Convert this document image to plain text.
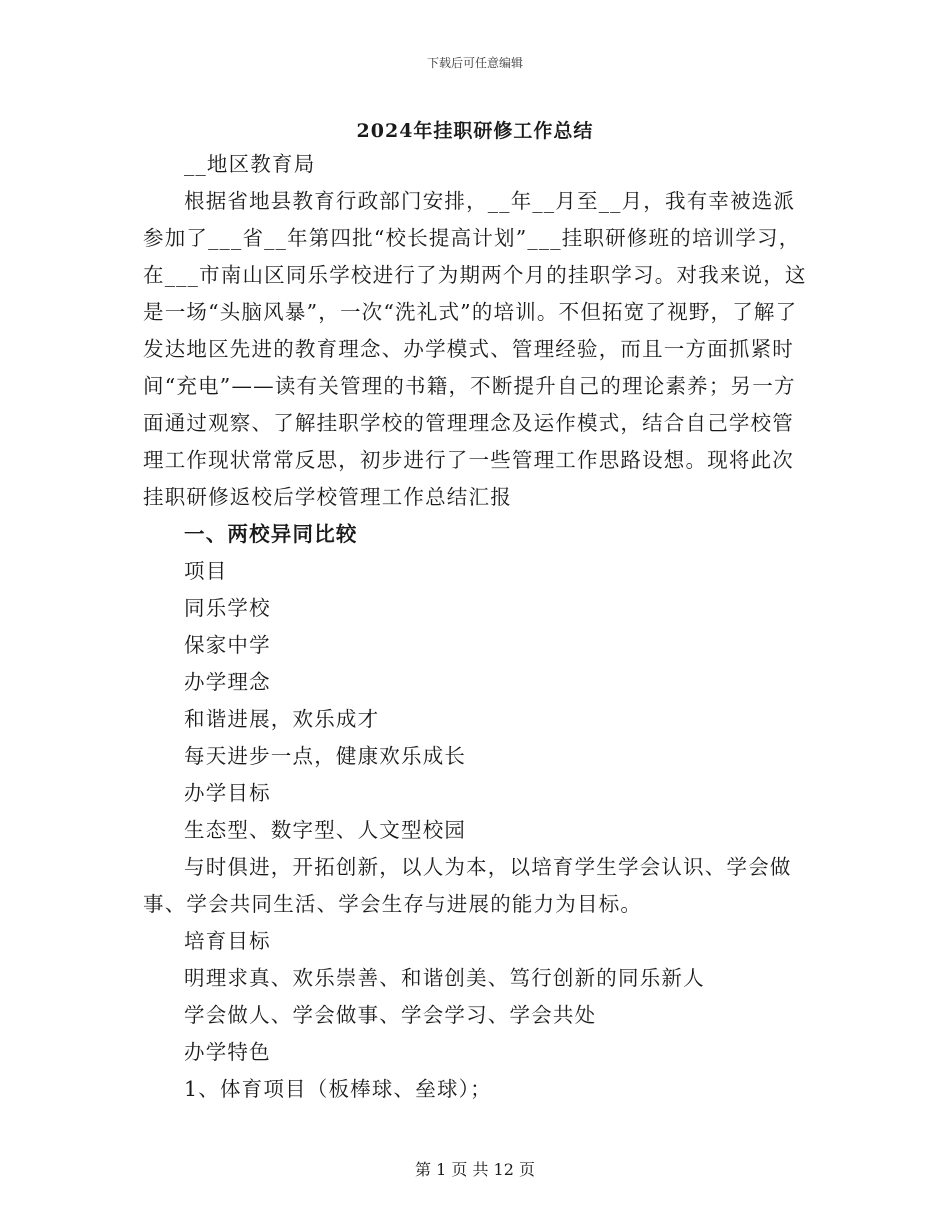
下载后可任意编辑
2024年挂职研修工作总结

__地区教育局

根据省地县教育行政部门安排，__年__月至__月，我有幸被选派参加了___省__年第四批“校长提高计划”___挂职研修班的培训学习，在___市南山区同乐学校进行了为期两个月的挂职学习。对我来说，这是一场“头脑风暴”，一次“洗礼式”的培训。不但拓宽了视野，了解了发达地区先进的教育理念、办学模式、管理经验，而且一方面抓紧时间“充电”——读有关管理的书籍，不断提升自己的理论素养；另一方面通过观察、了解挂职学校的管理理念及运作模式，结合自己学校管理工作现状常常反思，初步进行了一些管理工作思路设想。现将此次挂职研修返校后学校管理工作总结汇报

一、两校异同比较

项目

同乐学校

保家中学

办学理念

和谐进展，欢乐成才

每天进步一点，健康欢乐成长

办学目标

生态型、数字型、人文型校园

与时俱进，开拓创新，以人为本，以培育学生学会认识、学会做事、学会共同生活、学会生存与进展的能力为目标。

培育目标

明理求真、欢乐崇善、和谐创美、笃行创新的同乐新人

学会做人、学会做事、学会学习、学会共处

办学特色

1、体育项目（板棒球、垒球）；

第 1 页 共 12 页
